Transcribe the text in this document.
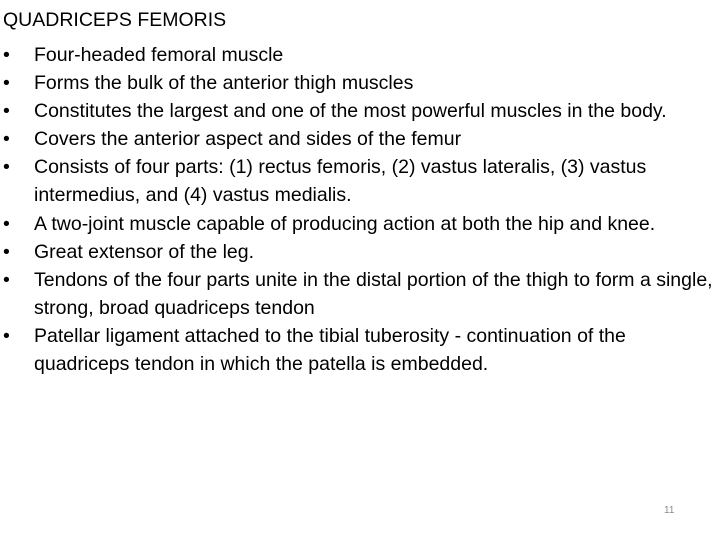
QUADRICEPS FEMORIS
•	Four-headed femoral muscle
•	Forms the bulk of the anterior thigh muscles
•	Constitutes the largest and one of the most powerful muscles in the body.
•	Covers the anterior aspect and sides of the femur
•	Consists of four parts: (1) rectus femoris, (2) vastus lateralis, (3) vastus intermedius, and (4) vastus medialis.
•	A two-joint muscle capable of producing action at both the hip and knee.
•	Great extensor of the leg.
•	Tendons of the four parts unite in the distal portion of the thigh to form a single, strong, broad quadriceps tendon
•	Patellar ligament attached to the tibial tuberosity - continuation of the quadriceps tendon in which the patella is embedded.
11
